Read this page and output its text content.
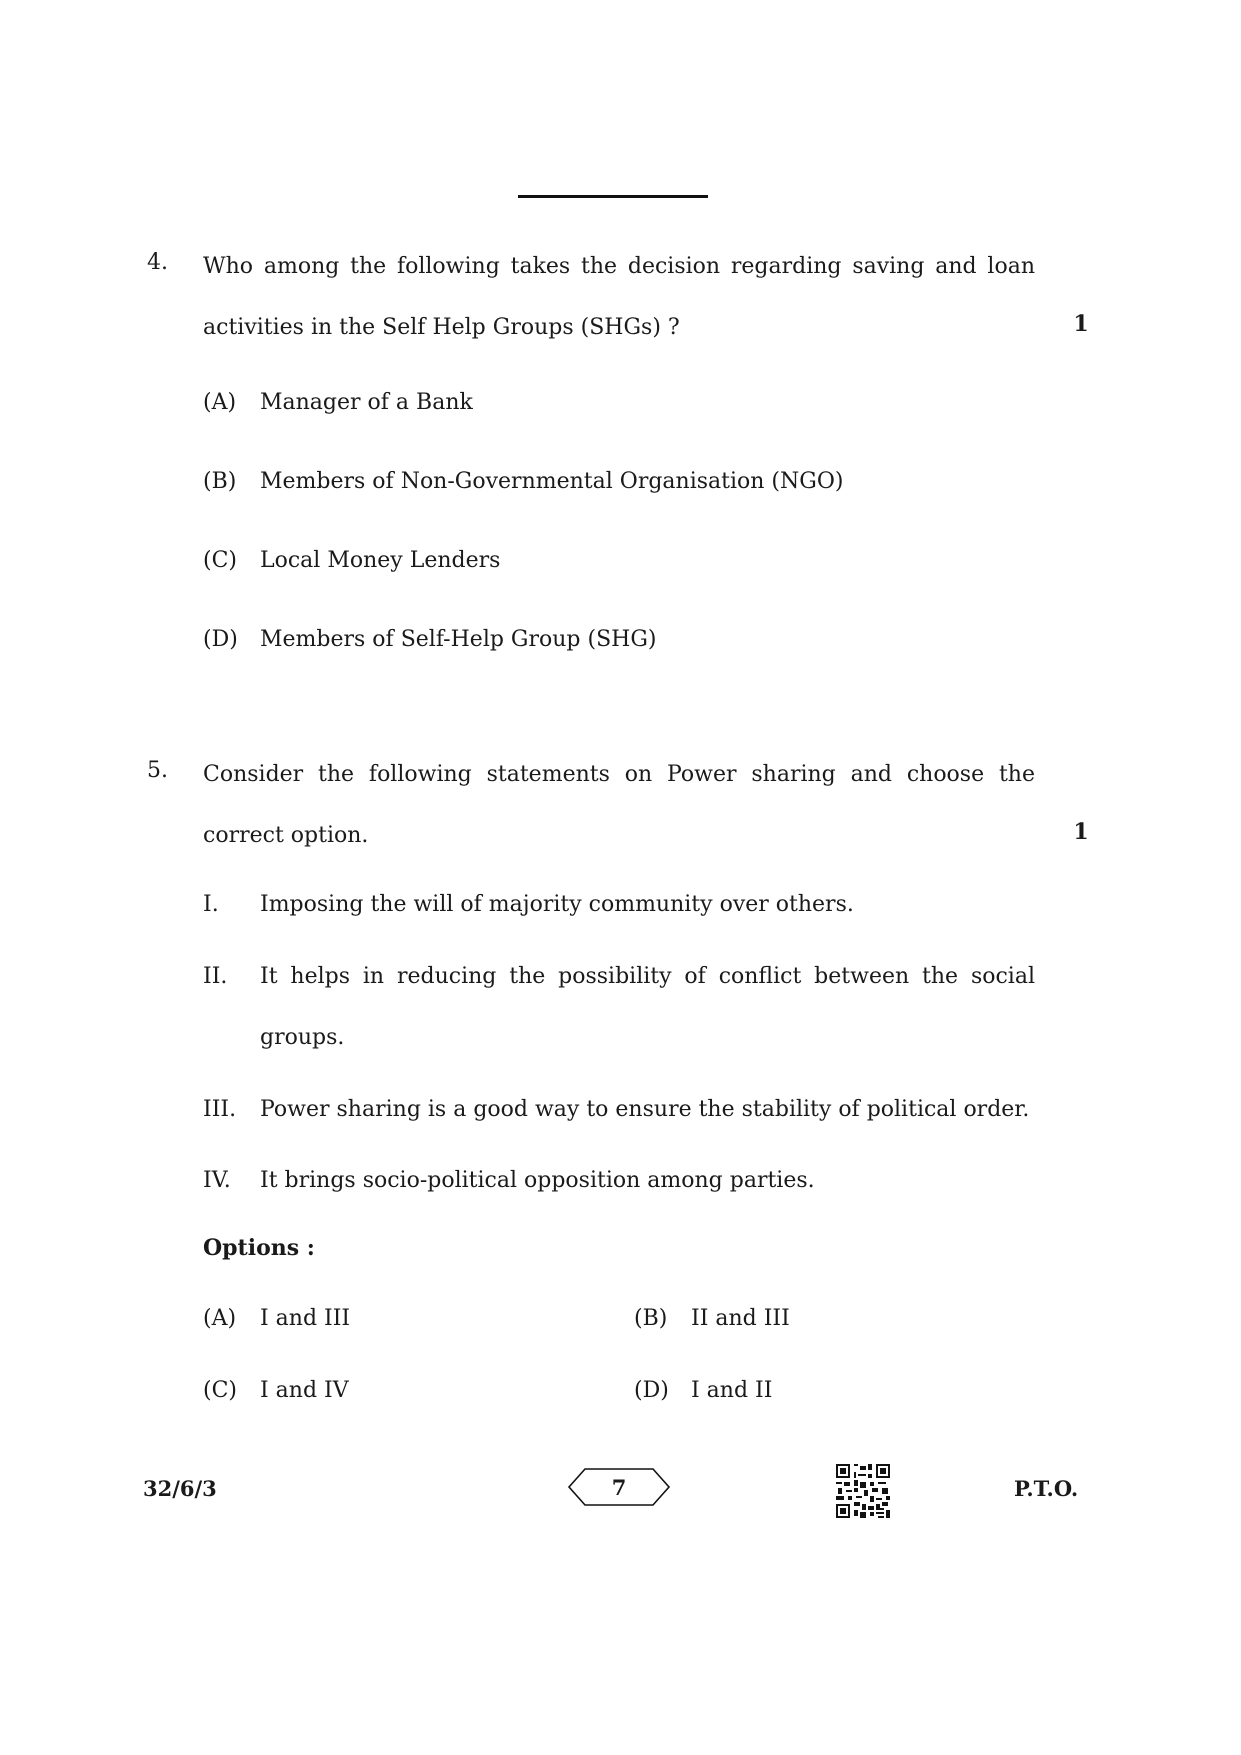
4. Who among the following takes the decision regarding saving and loan activities in the Self Help Groups (SHGs) ?	1
(A) Manager of a Bank
(B) Members of Non-Governmental Organisation (NGO)
(C) Local Money Lenders
(D) Members of Self-Help Group (SHG)
5. Consider the following statements on Power sharing and choose the correct option.	1
I. Imposing the will of majority community over others.
II. It helps in reducing the possibility of conflict between the social groups.
III. Power sharing is a good way to ensure the stability of political order.
IV. It brings socio-political opposition among parties.
Options :
(A) I and III	(B) II and III
(C) I and IV	(D) I and II
32/6/3	7	P.T.O.
